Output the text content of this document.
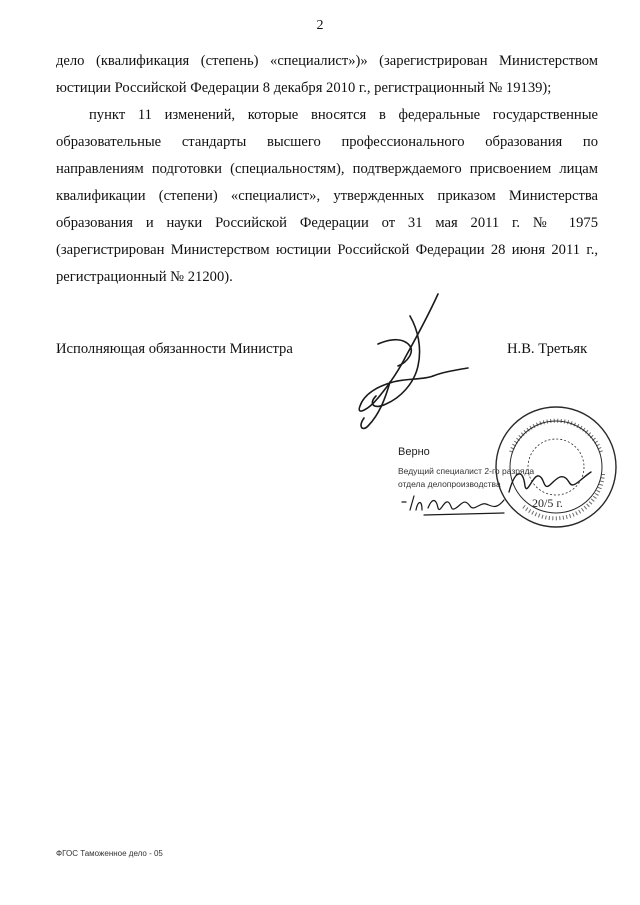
2

дело (квалификация (степень) «специалист»)» (зарегистрирован Министерством юстиции Российской Федерации 8 декабря 2010 г., регистрационный № 19139);

пункт 11 изменений, которые вносятся в федеральные государственные образовательные стандарты высшего профессионального образования по направлениям подготовки (специальностям), подтверждаемого присвоением лицам квалификации (степени) «специалист», утвержденных приказом Министерства образования и науки Российской Федерации от 31 мая 2011 г. № 1975 (зарегистрирован Министерством юстиции Российской Федерации 28 июня 2011 г., регистрационный № 21200).

Исполняющая обязанности Министра	Н.В. Третьяк
Верно
Ведущий специалист 2-го разряда
отдела делопроизводства
20/5 г.
ФГОС Таможенное дело - 05
